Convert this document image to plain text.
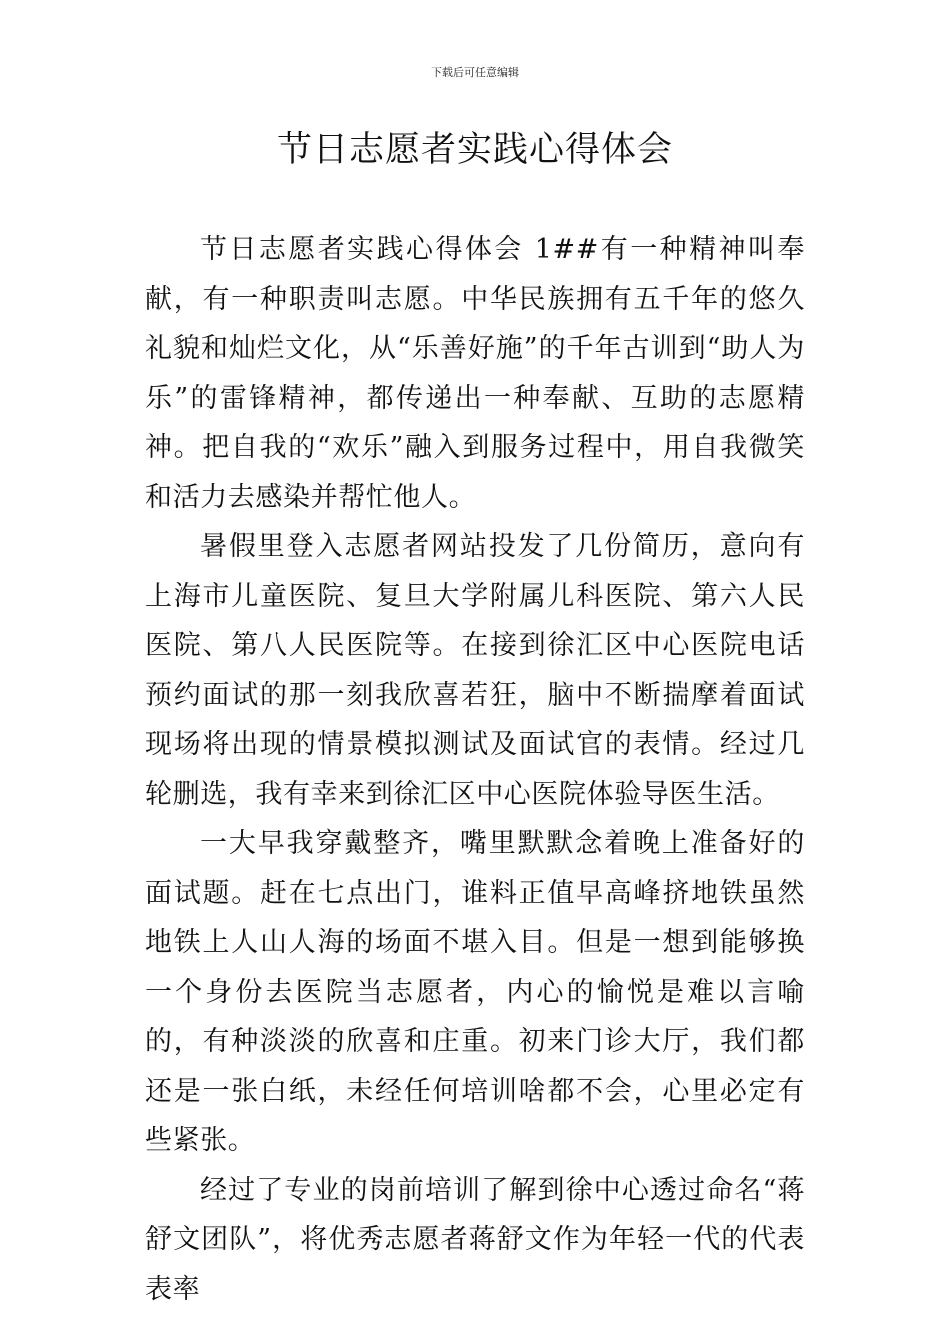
下载后可任意编辑
节日志愿者实践心得体会

节日志愿者实践心得体会 1##有一种精神叫奉献，有一种职责叫志愿。中华民族拥有五千年的悠久礼貌和灿烂文化，从“乐善好施”的千年古训到“助人为乐”的雷锋精神，都传递出一种奉献、互助的志愿精神。把自我的“欢乐”融入到服务过程中，用自我微笑和活力去感染并帮忙他人。

暑假里登入志愿者网站投发了几份简历，意向有上海市儿童医院、复旦大学附属儿科医院、第六人民医院、第八人民医院等。在接到徐汇区中心医院电话预约面试的那一刻我欣喜若狂，脑中不断揣摩着面试现场将出现的情景模拟测试及面试官的表情。经过几轮删选，我有幸来到徐汇区中心医院体验导医生活。

一大早我穿戴整齐，嘴里默默念着晚上准备好的面试题。赶在七点出门，谁料正值早高峰挤地铁虽然地铁上人山人海的场面不堪入目。但是一想到能够换一个身份去医院当志愿者，内心的愉悦是难以言喻的，有种淡淡的欣喜和庄重。初来门诊大厅，我们都还是一张白纸，未经任何培训啥都不会，心里必定有些紧张。

经过了专业的岗前培训了解到徐中心透过命名“蒋舒文团队”，将优秀志愿者蒋舒文作为年轻一代的代表表率
